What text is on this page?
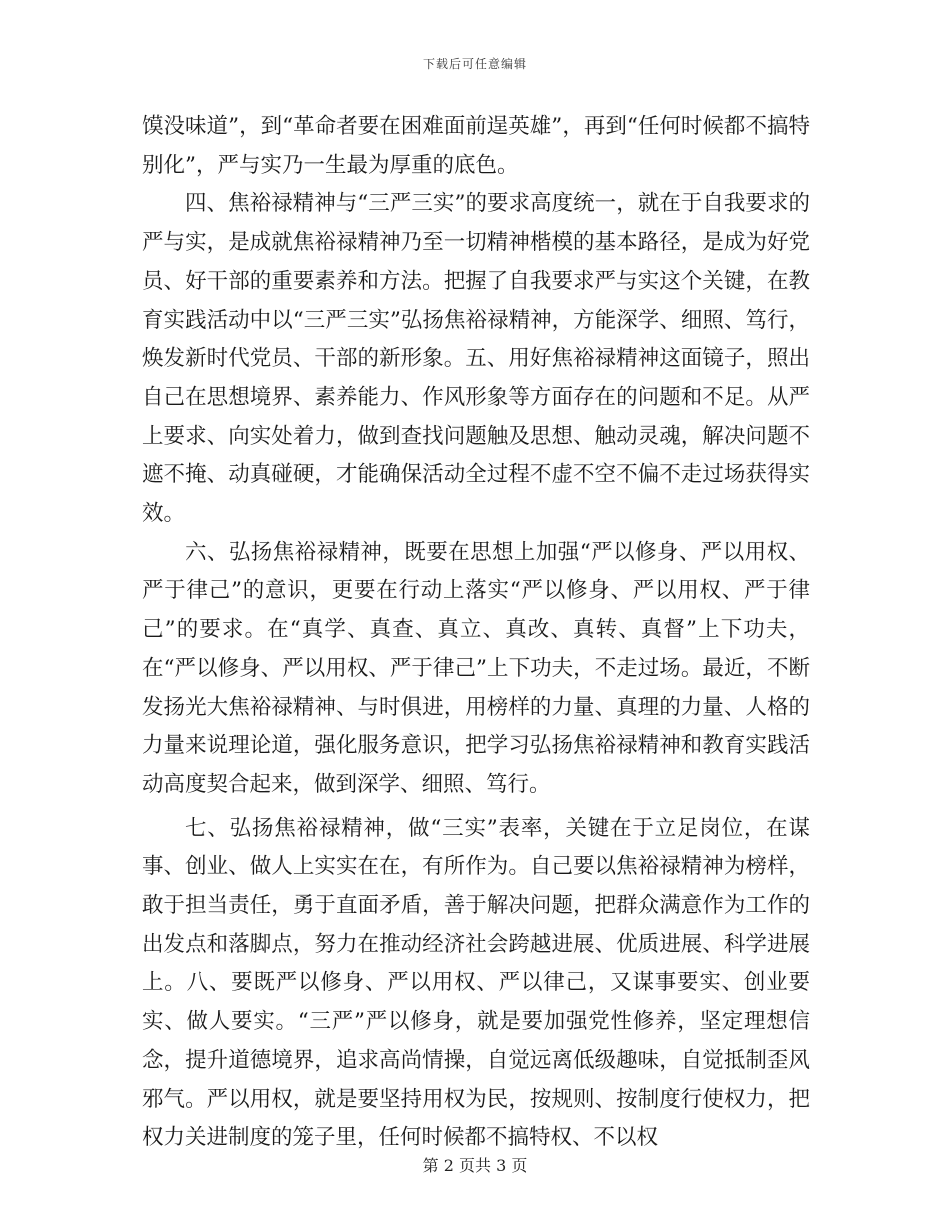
下载后可任意编辑

馍没味道”，到“革命者要在困难面前逞英雄”，再到“任何时候都不搞特别化”，严与实乃一生最为厚重的底色。

四、焦裕禄精神与“三严三实”的要求高度统一，就在于自我要求的严与实，是成就焦裕禄精神乃至一切精神楷模的基本路径，是成为好党员、好干部的重要素养和方法。把握了自我要求严与实这个关键，在教育实践活动中以“三严三实”弘扬焦裕禄精神，方能深学、细照、笃行，焕发新时代党员、干部的新形象。五、用好焦裕禄精神这面镜子，照出自己在思想境界、素养能力、作风形象等方面存在的问题和不足。从严上要求、向实处着力，做到查找问题触及思想、触动灵魂，解决问题不遮不掩、动真碰硬，才能确保活动全过程不虚不空不偏不走过场获得实效。

六、弘扬焦裕禄精神，既要在思想上加强“严以修身、严以用权、严于律己”的意识，更要在行动上落实“严以修身、严以用权、严于律己”的要求。在“真学、真查、真立、真改、真转、真督”上下功夫，在“严以修身、严以用权、严于律己”上下功夫，不走过场。最近，不断发扬光大焦裕禄精神、与时俱进，用榜样的力量、真理的力量、人格的力量来说理论道，强化服务意识，把学习弘扬焦裕禄精神和教育实践活动高度契合起来，做到深学、细照、笃行。

七、弘扬焦裕禄精神，做“三实”表率，关键在于立足岗位，在谋事、创业、做人上实实在在，有所作为。自己要以焦裕禄精神为榜样，敢于担当责任，勇于直面矛盾，善于解决问题，把群众满意作为工作的出发点和落脚点，努力在推动经济社会跨越进展、优质进展、科学进展上。八、要既严以修身、严以用权、严以律己，又谋事要实、创业要实、做人要实。“三严”严以修身，就是要加强党性修养，坚定理想信念，提升道德境界，追求高尚情操，自觉远离低级趣味，自觉抵制歪风邪气。严以用权，就是要坚持用权为民，按规则、按制度行使权力，把权力关进制度的笼子里，任何时候都不搞特权、不以权

第 2 页共 3 页
